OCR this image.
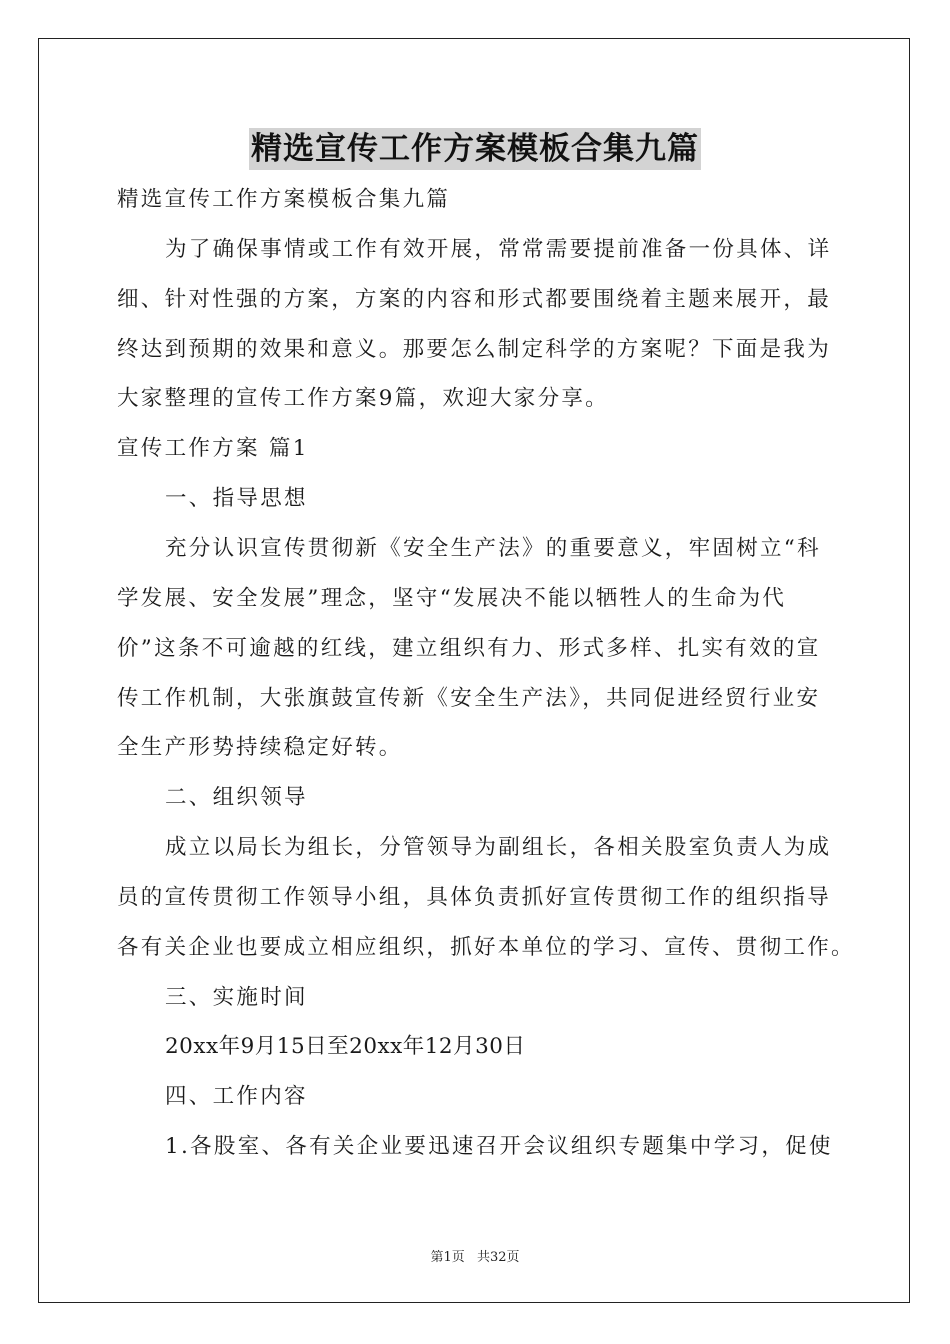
精选宣传工作方案模板合集九篇
精选宣传工作方案模板合集九篇
为了确保事情或工作有效开展，常常需要提前准备一份具体、详
细、针对性强的方案，方案的内容和形式都要围绕着主题来展开，最
终达到预期的效果和意义。那要怎么制定科学的方案呢？下面是我为
大家整理的宣传工作方案9篇，欢迎大家分享。
宣传工作方案 篇1
一、指导思想
充分认识宣传贯彻新《安全生产法》的重要意义，牢固树立“科
学发展、安全发展”理念，坚守“发展决不能以牺牲人的生命为代
价”这条不可逾越的红线，建立组织有力、形式多样、扎实有效的宣
传工作机制，大张旗鼓宣传新《安全生产法》，共同促进经贸行业安
全生产形势持续稳定好转。
二、组织领导
成立以局长为组长，分管领导为副组长，各相关股室负责人为成
员的宣传贯彻工作领导小组，具体负责抓好宣传贯彻工作的组织指导
各有关企业也要成立相应组织，抓好本单位的学习、宣传、贯彻工作。
三、实施时间
20xx年9月15日至20xx年12月30日
四、工作内容
1.各股室、各有关企业要迅速召开会议组织专题集中学习，促使
第1页 共32页
